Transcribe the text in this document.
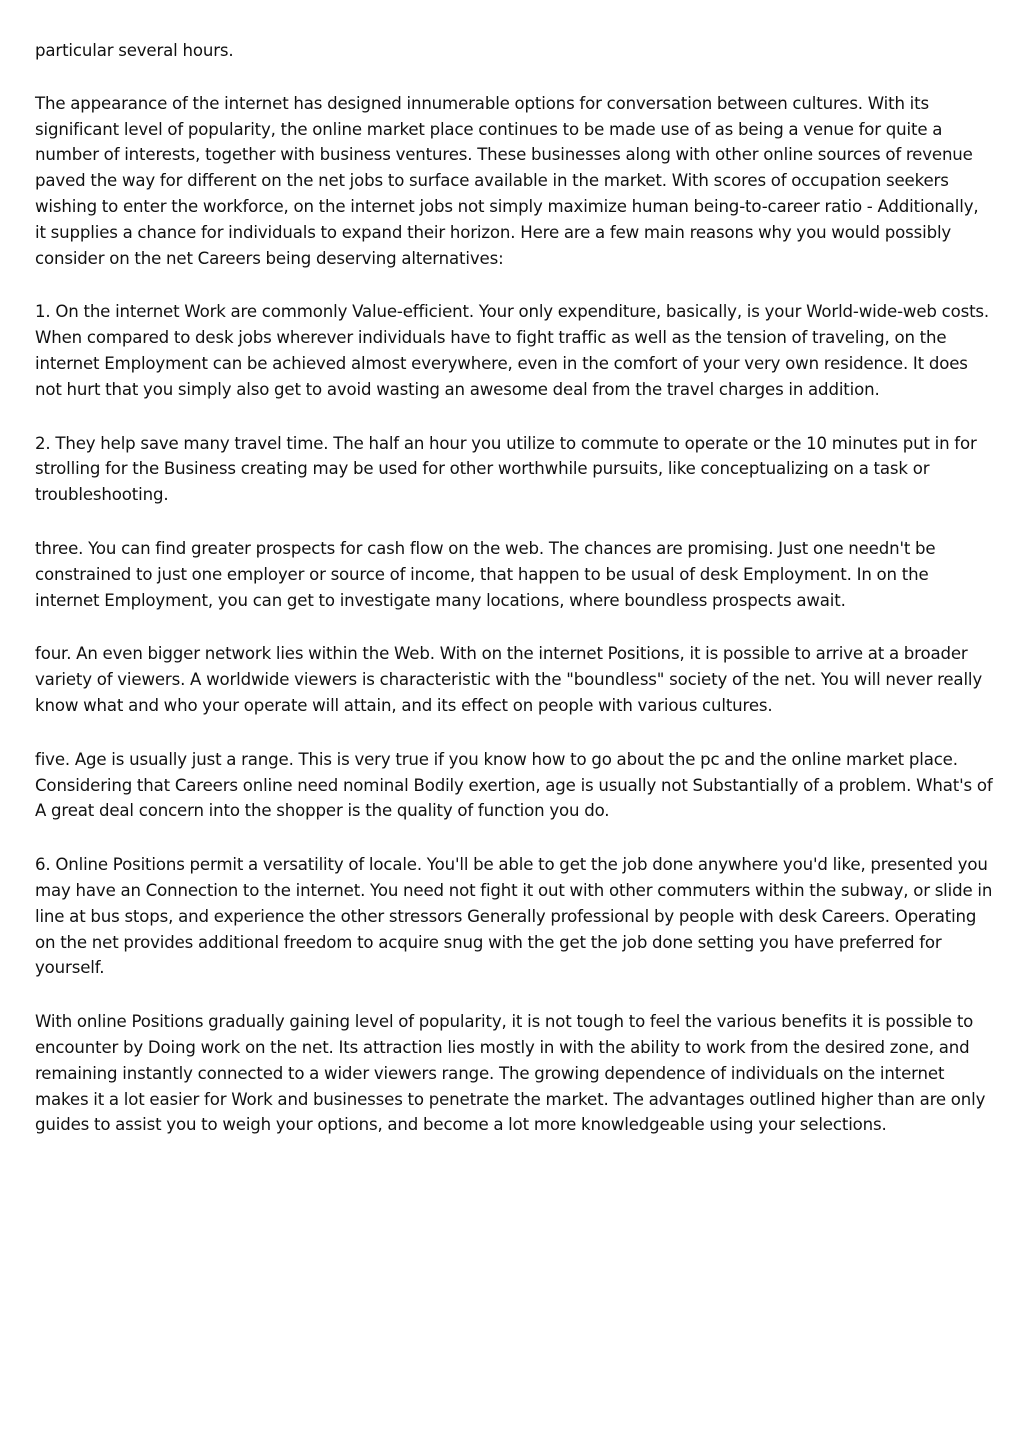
particular several hours.

The appearance of the internet has designed innumerable options for conversation between cultures. With its significant level of popularity, the online market place continues to be made use of as being a venue for quite a number of interests, together with business ventures. These businesses along with other online sources of revenue paved the way for different on the net jobs to surface available in the market. With scores of occupation seekers wishing to enter the workforce, on the internet jobs not simply maximize human being-to-career ratio - Additionally, it supplies a chance for individuals to expand their horizon. Here are a few main reasons why you would possibly consider on the net Careers being deserving alternatives:

1. On the internet Work are commonly Value-efficient. Your only expenditure, basically, is your World-wide-web costs. When compared to desk jobs wherever individuals have to fight traffic as well as the tension of traveling, on the internet Employment can be achieved almost everywhere, even in the comfort of your very own residence. It does not hurt that you simply also get to avoid wasting an awesome deal from the travel charges in addition.

2. They help save many travel time. The half an hour you utilize to commute to operate or the 10 minutes put in for strolling for the Business creating may be used for other worthwhile pursuits, like conceptualizing on a task or troubleshooting.

three. You can find greater prospects for cash flow on the web. The chances are promising. Just one needn't be constrained to just one employer or source of income, that happen to be usual of desk Employment. In on the internet Employment, you can get to investigate many locations, where boundless prospects await.

four. An even bigger network lies within the Web. With on the internet Positions, it is possible to arrive at a broader variety of viewers. A worldwide viewers is characteristic with the "boundless" society of the net. You will never really know what and who your operate will attain, and its effect on people with various cultures.

five. Age is usually just a range. This is very true if you know how to go about the pc and the online market place. Considering that Careers online need nominal Bodily exertion, age is usually not Substantially of a problem. What's of A great deal concern into the shopper is the quality of function you do.

6. Online Positions permit a versatility of locale. You'll be able to get the job done anywhere you'd like, presented you may have an Connection to the internet. You need not fight it out with other commuters within the subway, or slide in line at bus stops, and experience the other stressors Generally professional by people with desk Careers. Operating on the net provides additional freedom to acquire snug with the get the job done setting you have preferred for yourself.

With online Positions gradually gaining level of popularity, it is not tough to feel the various benefits it is possible to encounter by Doing work on the net. Its attraction lies mostly in with the ability to work from the desired zone, and remaining instantly connected to a wider viewers range. The growing dependence of individuals on the internet makes it a lot easier for Work and businesses to penetrate the market. The advantages outlined higher than are only guides to assist you to weigh your options, and become a lot more knowledgeable using your selections.
